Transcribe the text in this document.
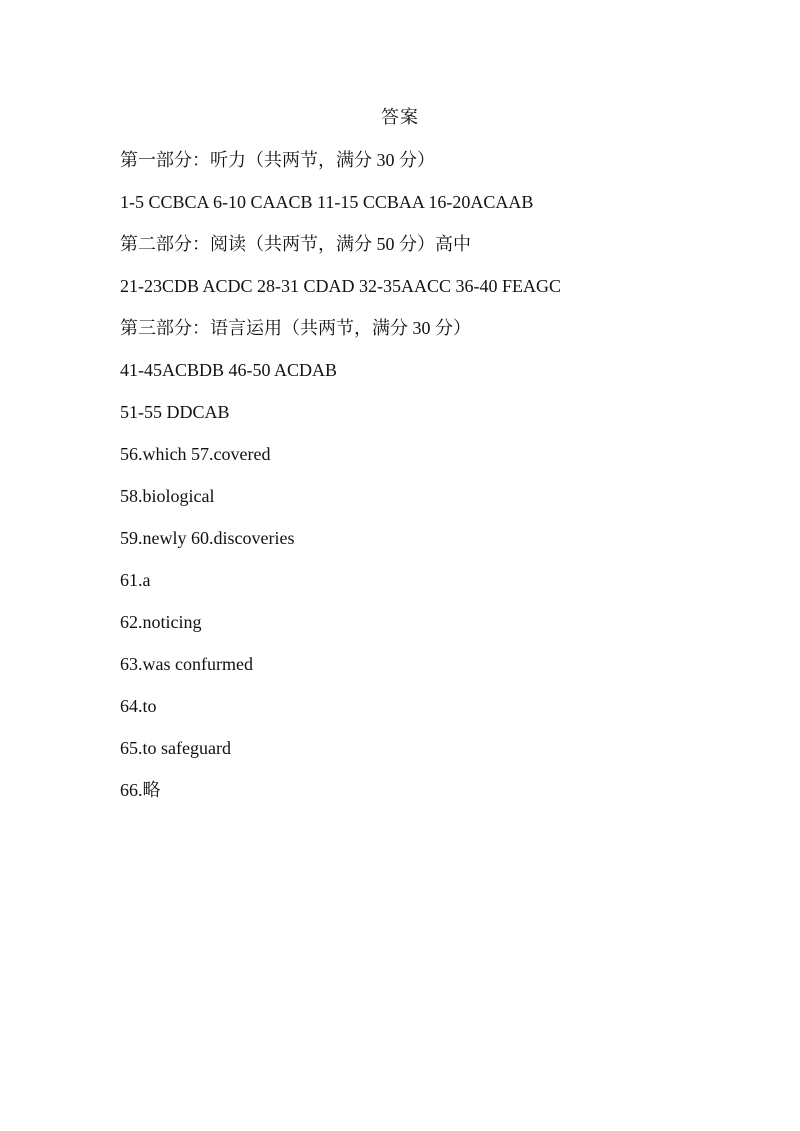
答案
第一部分：听力（共两节，满分 30 分）
1-5 CCBCA 6-10 CAACB 11-15 CCBAA 16-20ACAAB
第二部分：阅读（共两节，满分 50 分）高中
21-23CDB ACDC 28-31 CDAD 32-35AACC 36-40 FEAGC
第三部分：语言运用（共两节，满分 30 分）
41-45ACBDB 46-50 ACDAB
51-55 DDCAB
56.which 57.covered
58.biological
59.newly 60.discoveries
61.a
62.noticing
63.was confurmed
64.to
65.to safeguard
66.略
